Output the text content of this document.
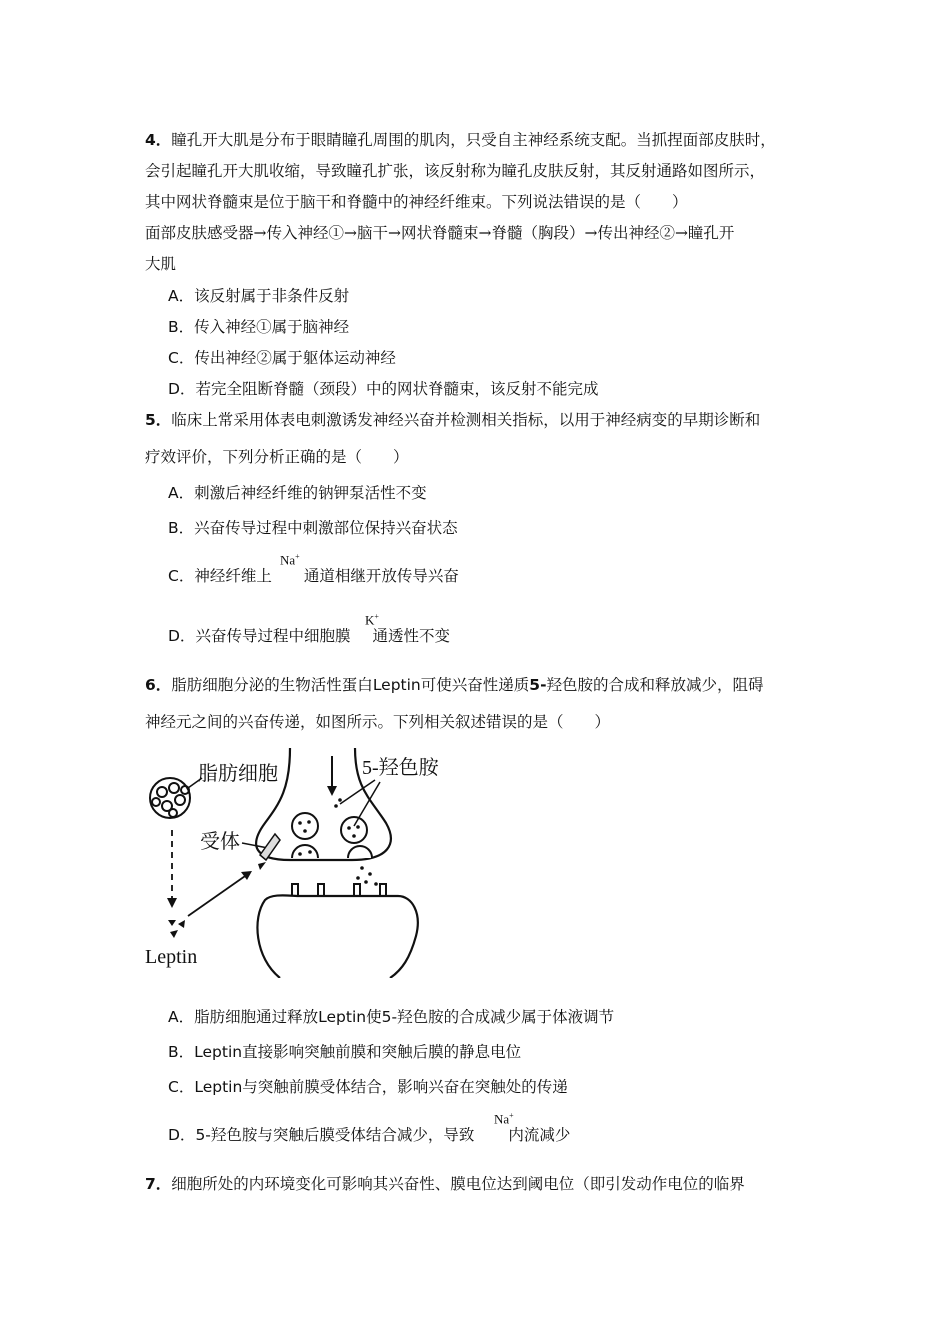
4．瞳孔开大肌是分布于眼睛瞳孔周围的肌肉，只受自主神经系统支配。当抓捏面部皮肤时，
会引起瞳孔开大肌收缩，导致瞳孔扩张，该反射称为瞳孔皮肤反射，其反射通路如图所示，
其中网状脊髓束是位于脑干和脊髓中的神经纤维束。下列说法错误的是（　　）
面部皮肤感受器→传入神经①→脑干→网状脊髓束→脊髓（胸段）→传出神经②→瞳孔开
大肌
A．该反射属于非条件反射
B．传入神经①属于脑神经
C．传出神经②属于躯体运动神经
D．若完全阻断脊髓（颈段）中的网状脊髓束，该反射不能完成
5．临床上常采用体表电刺激诱发神经兴奋并检测相关指标，以用于神经病变的早期诊断和
疗效评价，下列分析正确的是（　　）
A．刺激后神经纤维的钠钾泵活性不变
B．兴奋传导过程中刺激部位保持兴奋状态
C．神经纤维上 通道相继开放传导兴奋
Na+
D．兴奋传导过程中细胞膜 通透性不变
K+
6．脂肪细胞分泌的生物活性蛋白Leptin可使兴奋性递质5-羟色胺的合成和释放减少，阻碍
神经元之间的兴奋传递，如图所示。下列相关叙述错误的是（　　）
脂肪细胞
Leptin
受体
5-羟色胺
A．脂肪细胞通过释放Leptin使5-羟色胺的合成减少属于体液调节
B．Leptin直接影响突触前膜和突触后膜的静息电位
C．Leptin与突触前膜受体结合，影响兴奋在突触处的传递
D．5-羟色胺与突触后膜受体结合减少，导致 内流减少
Na+
7．细胞所处的内环境变化可影响其兴奋性、膜电位达到阈电位（即引发动作电位的临界
